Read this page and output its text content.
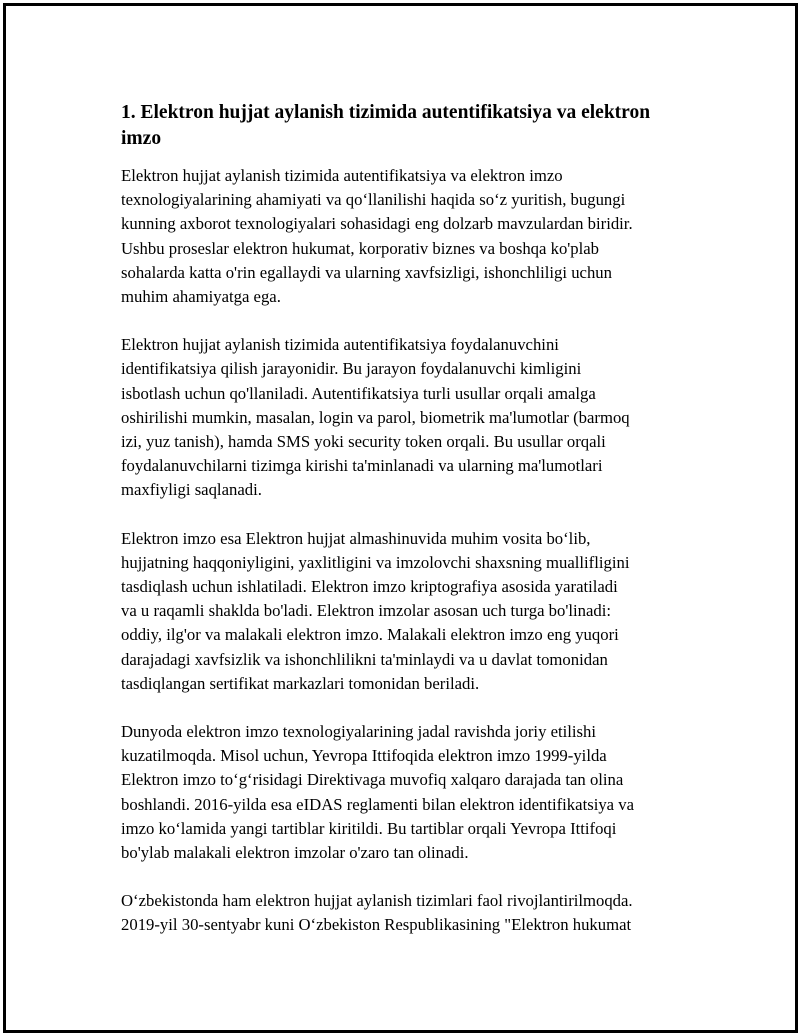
1. Elektron hujjat aylanish tizimida autentifikatsiya va elektron imzo

Elektron hujjat aylanish tizimida autentifikatsiya va elektron imzo
texnologiyalarining ahamiyati va qo‘llanilishi haqida so‘z yuritish, bugungi
kunning axborot texnologiyalari sohasidagi eng dolzarb mavzulardan biridir.
Ushbu proseslar elektron hukumat, korporativ biznes va boshqa ko'plab
sohalarda katta o'rin egallaydi va ularning xavfsizligi, ishonchliligi uchun
muhim ahamiyatga ega.

Elektron hujjat aylanish tizimida autentifikatsiya foydalanuvchini
identifikatsiya qilish jarayonidir. Bu jarayon foydalanuvchi kimligini
isbotlash uchun qo'llaniladi. Autentifikatsiya turli usullar orqali amalga
oshirilishi mumkin, masalan, login va parol, biometrik ma'lumotlar (barmoq
izi, yuz tanish), hamda SMS yoki security token orqali. Bu usullar orqali
foydalanuvchilarni tizimga kirishi ta'minlanadi va ularning ma'lumotlari
maxfiyligi saqlanadi.

Elektron imzo esa Elektron hujjat almashinuvida muhim vosita bo‘lib,
hujjatning haqqoniyligini, yaxlitligini va imzolovchi shaxsning muallifligini
tasdiqlash uchun ishlatiladi. Elektron imzo kriptografiya asosida yaratiladi
va u raqamli shaklda bo'ladi. Elektron imzolar asosan uch turga bo'linadi:
oddiy, ilg'or va malakali elektron imzo. Malakali elektron imzo eng yuqori
darajadagi xavfsizlik va ishonchlilikni ta'minlaydi va u davlat tomonidan
tasdiqlangan sertifikat markazlari tomonidan beriladi.

Dunyoda elektron imzo texnologiyalarining jadal ravishda joriy etilishi
kuzatilmoqda. Misol uchun, Yevropa Ittifoqida elektron imzo 1999-yilda
Elektron imzo to‘g‘risidagi Direktivaga muvofiq xalqaro darajada tan olina
boshlandi. 2016-yilda esa eIDAS reglamenti bilan elektron identifikatsiya va
imzo ko‘lamida yangi tartiblar kiritildi. Bu tartiblar orqali Yevropa Ittifoqi
bo'ylab malakali elektron imzolar o'zaro tan olinadi.

O‘zbekistonda ham elektron hujjat aylanish tizimlari faol rivojlantirilmoqda.
2019-yil 30-sentyabr kuni O‘zbekiston Respublikasining "Elektron hukumat
